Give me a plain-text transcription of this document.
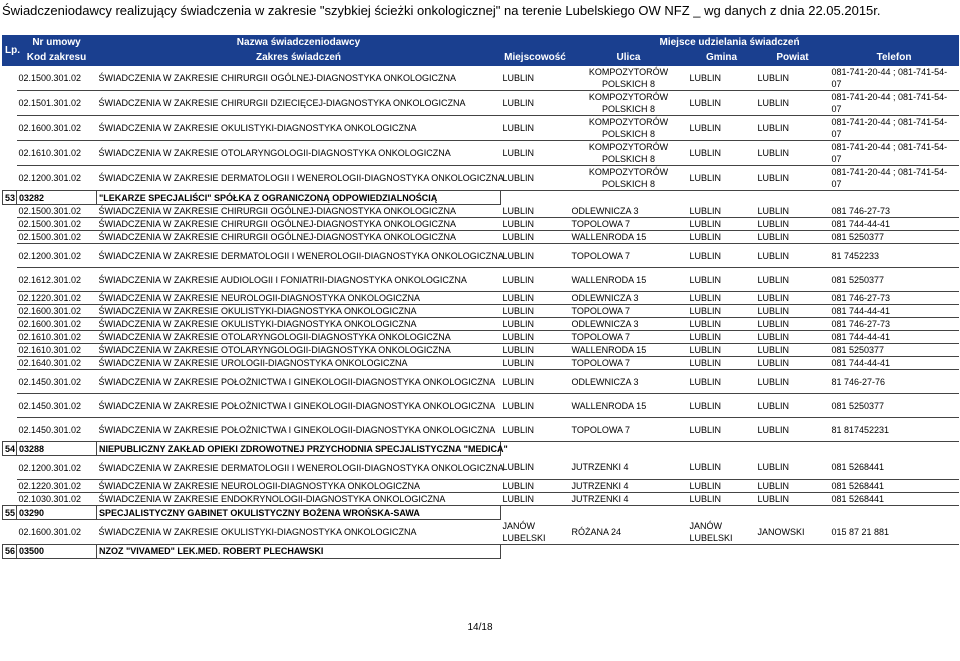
Świadczeniodawcy realizujący świadczenia w zakresie "szybkiej ścieżki onkologicznej" na terenie Lubelskiego OW NFZ _ wg danych z dnia 22.05.2015r.
Lp.	Nr umowy	Nazwa świadczeniodawcy	Miejsce udzielania świadczeń				
	Kod zakresu	Zakres świadczeń	Miejscowość	Ulica	Gmina	Powiat	Telefon
	02.1500.301.02	ŚWIADCZENIA W ZAKRESIE CHIRURGII OGÓLNEJ-DIAGNOSTYKA ONKOLOGICZNA	LUBLIN	KOMPOZYTORÓW POLSKICH 8	LUBLIN	LUBLIN	081-741-20-44 ; 081-741-54-07
	02.1501.301.02	ŚWIADCZENIA W ZAKRESIE CHIRURGII DZIECIĘCEJ-DIAGNOSTYKA ONKOLOGICZNA	LUBLIN	KOMPOZYTORÓW POLSKICH 8	LUBLIN	LUBLIN	081-741-20-44 ; 081-741-54-07
	02.1600.301.02	ŚWIADCZENIA W ZAKRESIE OKULISTYKI-DIAGNOSTYKA ONKOLOGICZNA	LUBLIN	KOMPOZYTORÓW POLSKICH 8	LUBLIN	LUBLIN	081-741-20-44 ; 081-741-54-07
	02.1610.301.02	ŚWIADCZENIA W ZAKRESIE OTOLARYNGOLOGII-DIAGNOSTYKA ONKOLOGICZNA	LUBLIN	KOMPOZYTORÓW POLSKICH 8	LUBLIN	LUBLIN	081-741-20-44 ; 081-741-54-07
	02.1200.301.02	ŚWIADCZENIA W ZAKRESIE DERMATOLOGII I WENEROLOGII-DIAGNOSTYKA ONKOLOGICZNA	LUBLIN	KOMPOZYTORÓW POLSKICH 8	LUBLIN	LUBLIN	081-741-20-44 ; 081-741-54-07
53	03282	"LEKARZE SPECJALIŚCI" SPÓŁKA Z OGRANICZONĄ ODPOWIEDZIALNOŚCIĄ					
	02.1500.301.02	ŚWIADCZENIA W ZAKRESIE CHIRURGII OGÓLNEJ-DIAGNOSTYKA ONKOLOGICZNA	LUBLIN	ODLEWNICZA 3	LUBLIN	LUBLIN	081 746-27-73
	02.1500.301.02	ŚWIADCZENIA W ZAKRESIE CHIRURGII OGÓLNEJ-DIAGNOSTYKA ONKOLOGICZNA	LUBLIN	TOPOLOWA 7	LUBLIN	LUBLIN	081 744-44-41
	02.1500.301.02	ŚWIADCZENIA W ZAKRESIE CHIRURGII OGÓLNEJ-DIAGNOSTYKA ONKOLOGICZNA	LUBLIN	WALLENRODA 15	LUBLIN	LUBLIN	081 5250377
	02.1200.301.02	ŚWIADCZENIA W ZAKRESIE DERMATOLOGII I WENEROLOGII-DIAGNOSTYKA ONKOLOGICZNA	LUBLIN	TOPOLOWA 7	LUBLIN	LUBLIN	81 7452233
	02.1612.301.02	ŚWIADCZENIA W ZAKRESIE AUDIOLOGII I FONIATRII-DIAGNOSTYKA ONKOLOGICZNA	LUBLIN	WALLENRODA 15	LUBLIN	LUBLIN	081 5250377
	02.1220.301.02	ŚWIADCZENIA W ZAKRESIE NEUROLOGII-DIAGNOSTYKA ONKOLOGICZNA	LUBLIN	ODLEWNICZA 3	LUBLIN	LUBLIN	081 746-27-73
	02.1600.301.02	ŚWIADCZENIA W ZAKRESIE OKULISTYKI-DIAGNOSTYKA ONKOLOGICZNA	LUBLIN	TOPOLOWA 7	LUBLIN	LUBLIN	081 744-44-41
	02.1600.301.02	ŚWIADCZENIA W ZAKRESIE OKULISTYKI-DIAGNOSTYKA ONKOLOGICZNA	LUBLIN	ODLEWNICZA 3	LUBLIN	LUBLIN	081 746-27-73
	02.1610.301.02	ŚWIADCZENIA W ZAKRESIE OTOLARYNGOLOGII-DIAGNOSTYKA ONKOLOGICZNA	LUBLIN	TOPOLOWA 7	LUBLIN	LUBLIN	081 744-44-41
	02.1610.301.02	ŚWIADCZENIA W ZAKRESIE OTOLARYNGOLOGII-DIAGNOSTYKA ONKOLOGICZNA	LUBLIN	WALLENRODA 15	LUBLIN	LUBLIN	081 5250377
	02.1640.301.02	ŚWIADCZENIA W ZAKRESIE UROLOGII-DIAGNOSTYKA ONKOLOGICZNA	LUBLIN	TOPOLOWA 7	LUBLIN	LUBLIN	081 744-44-41
	02.1450.301.02	ŚWIADCZENIA W ZAKRESIE POŁOŻNICTWA I GINEKOLOGII-DIAGNOSTYKA ONKOLOGICZNA	LUBLIN	ODLEWNICZA 3	LUBLIN	LUBLIN	81 746-27-76
	02.1450.301.02	ŚWIADCZENIA W ZAKRESIE POŁOŻNICTWA I GINEKOLOGII-DIAGNOSTYKA ONKOLOGICZNA	LUBLIN	WALLENRODA 15	LUBLIN	LUBLIN	081 5250377
	02.1450.301.02	ŚWIADCZENIA W ZAKRESIE POŁOŻNICTWA I GINEKOLOGII-DIAGNOSTYKA ONKOLOGICZNA	LUBLIN	TOPOLOWA 7	LUBLIN	LUBLIN	81 817452231
54	03288	NIEPUBLICZNY ZAKŁAD OPIEKI ZDROWOTNEJ PRZYCHODNIA SPECJALISTYCZNA "MEDICA"					
	02.1200.301.02	ŚWIADCZENIA W ZAKRESIE DERMATOLOGII I WENEROLOGII-DIAGNOSTYKA ONKOLOGICZNA	LUBLIN	JUTRZENKI 4	LUBLIN	LUBLIN	081 5268441
	02.1220.301.02	ŚWIADCZENIA W ZAKRESIE NEUROLOGII-DIAGNOSTYKA ONKOLOGICZNA	LUBLIN	JUTRZENKI 4	LUBLIN	LUBLIN	081 5268441
	02.1030.301.02	ŚWIADCZENIA W ZAKRESIE ENDOKRYNOLOGII-DIAGNOSTYKA ONKOLOGICZNA	LUBLIN	JUTRZENKI 4	LUBLIN	LUBLIN	081 5268441
55	03290	SPECJALISTYCZNY GABINET OKULISTYCZNY BOŻENA WROŃSKA-SAWA					
	02.1600.301.02	ŚWIADCZENIA W ZAKRESIE OKULISTYKI-DIAGNOSTYKA ONKOLOGICZNA	JANÓW LUBELSKI	RÓŻANA 24	JANÓW LUBELSKI	JANOWSKI	015 87 21 881
56	03500	NZOZ "VIVAMED" LEK.MED. ROBERT PLECHAWSKI					
14/18
